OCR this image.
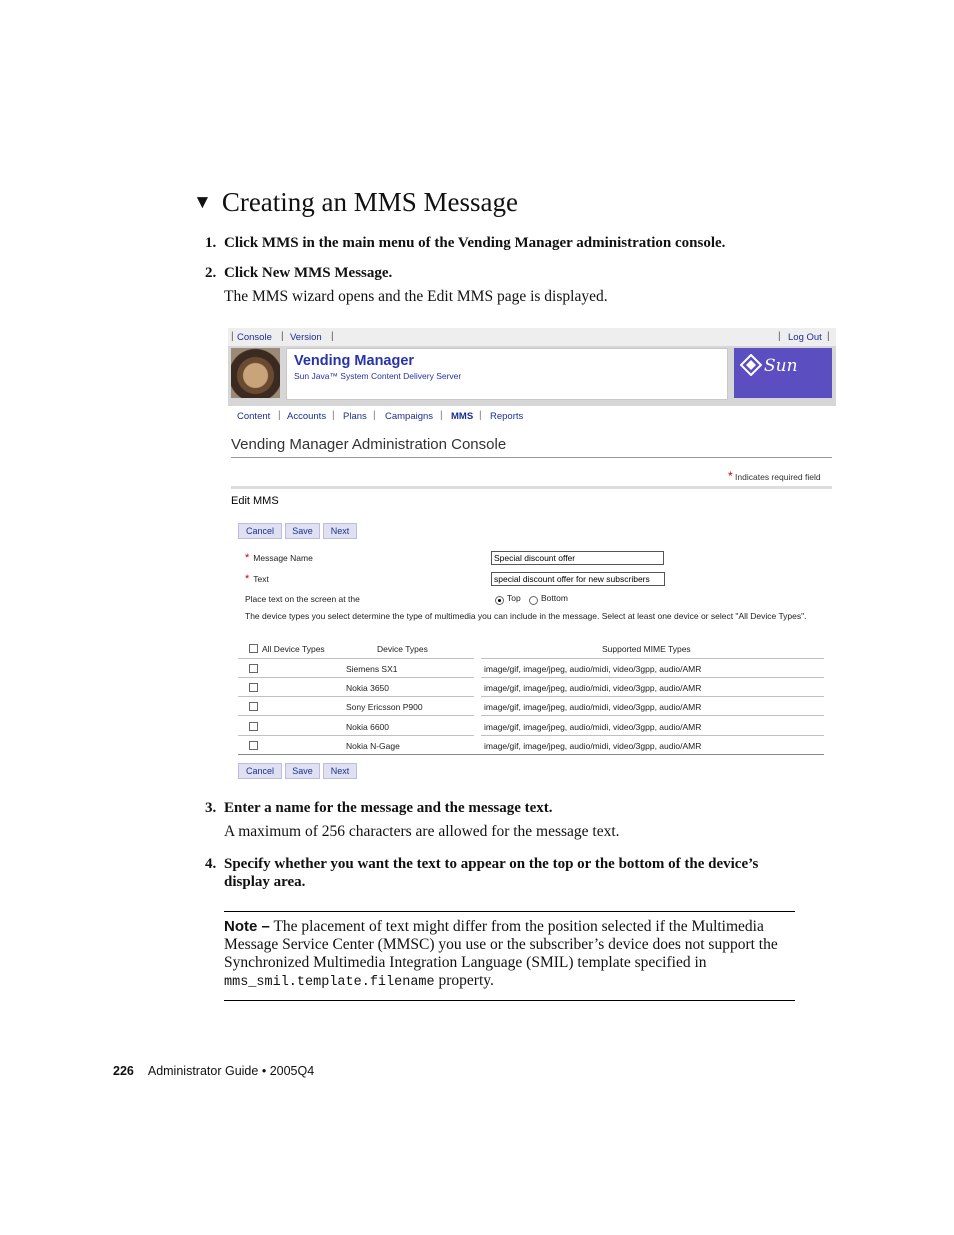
▼ Creating an MMS Message
1. Click MMS in the main menu of the Vending Manager administration console.
2. Click New MMS Message.
The MMS wizard opens and the Edit MMS page is displayed.
| Console | Version |	| Log Out |
Vending Manager
Sun Java™ System Content Delivery Server	Sun
Content | Accounts | Plans | Campaigns | MMS | Reports
Vending Manager Administration Console
* Indicates required field
Edit MMS
Cancel	Save	Next
* Message Name	Special discount offer
* Text	special discount offer for new subscribers
Place text on the screen at the	Top Bottom
The device types you select determine the type of multimedia you can include in the message. Select at least one device or select "All Device Types".
All Device Types	Device Types	Supported MIME Types
Siemens SX1	image/gif, image/jpeg, audio/midi, video/3gpp, audio/AMR
Nokia 3650	image/gif, image/jpeg, audio/midi, video/3gpp, audio/AMR
Sony Ericsson P900	image/gif, image/jpeg, audio/midi, video/3gpp, audio/AMR
Nokia 6600	image/gif, image/jpeg, audio/midi, video/3gpp, audio/AMR
Nokia N-Gage	image/gif, image/jpeg, audio/midi, video/3gpp, audio/AMR
Cancel	Save	Next
3. Enter a name for the message and the message text.
A maximum of 256 characters are allowed for the message text.
4. Specify whether you want the text to appear on the top or the bottom of the device’s display area.
Note – The placement of text might differ from the position selected if the Multimedia Message Service Center (MMSC) you use or the subscriber’s device does not support the Synchronized Multimedia Integration Language (SMIL) template specified in mms_smil.template.filename property.
226 Administrator Guide • 2005Q4
